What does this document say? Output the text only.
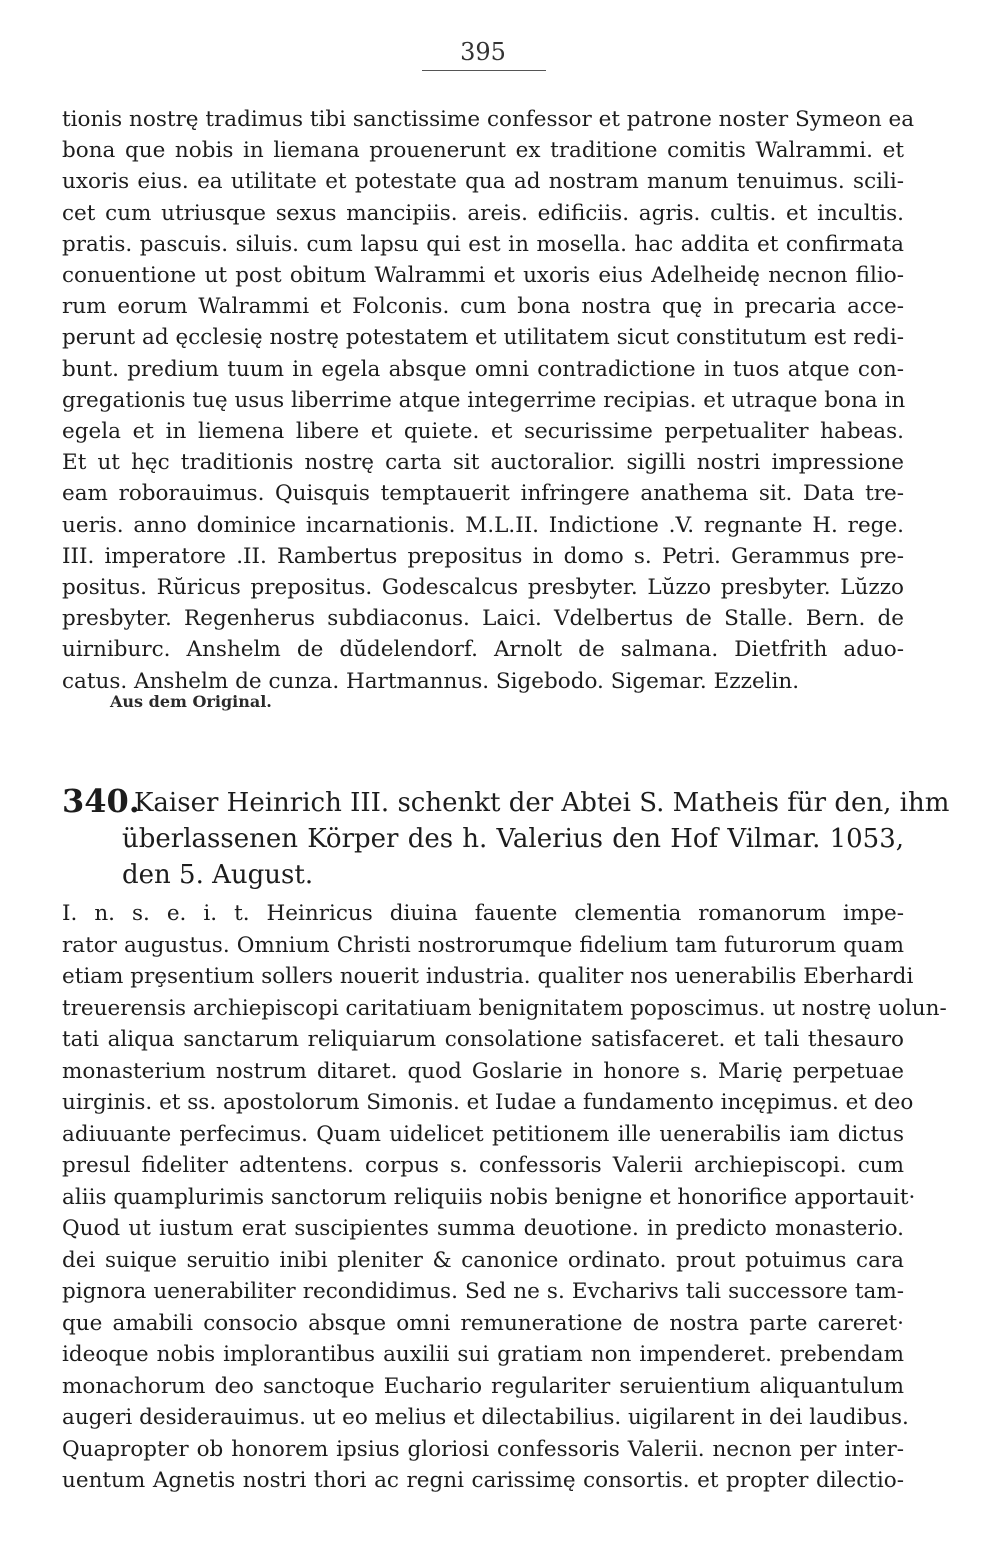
395
tionis nostrę tradimus tibi sanctissime confessor et patrone noster Symeon ea
bona que nobis in liemana prouenerunt ex traditione comitis Walrammi. et
uxoris eius. ea utilitate et potestate qua ad nostram manum tenuimus. scili-
cet cum utriusque sexus mancipiis. areis. edificiis. agris. cultis. et incultis.
pratis. pascuis. siluis. cum lapsu qui est in mosella. hac addita et confirmata
conuentione ut post obitum Walrammi et uxoris eius Adelheidę necnon filio-
rum eorum Walrammi et Folconis. cum bona nostra quę in precaria acce-
perunt ad ęcclesię nostrę potestatem et utilitatem sicut constitutum est redi-
bunt. predium tuum in egela absque omni contradictione in tuos atque con-
gregationis tuę usus liberrime atque integerrime recipias. et utraque bona in
egela et in liemena libere et quiete. et securissime perpetualiter habeas.
Et ut hęc traditionis nostrę carta sit auctoralior. sigilli nostri impressione
eam roborauimus. Quisquis temptauerit infringere anathema sit. Data tre-
ueris. anno dominice incarnationis. M.L.II. Indictione .V. regnante H. rege.
III. imperatore .II. Rambertus prepositus in domo s. Petri. Gerammus pre-
positus. Rŭricus prepositus. Godescalcus presbyter. Lŭzzo presbyter. Lŭzzo
presbyter. Regenherus subdiaconus. Laici. Vdelbertus de Stalle. Bern. de
uirniburc. Anshelm de dŭdelendorf. Arnolt de salmana. Dietfrith aduo-
catus. Anshelm de cunza. Hartmannus. Sigebodo. Sigemar. Ezzelin.
Aus dem Original.
340.
Kaiser Heinrich III. schenkt der Abtei S. Matheis für den, ihm
überlassenen Körper des h. Valerius den Hof Vilmar. 1053,
den 5. August.
I. n. s. e. i. t. Heinricus diuina fauente clementia romanorum impe-
rator augustus. Omnium Christi nostrorumque fidelium tam futurorum quam
etiam prȩsentium sollers nouerit industria. qualiter nos uenerabilis Eberhardi
treuerensis archiepiscopi caritatiuam benignitatem poposcimus. ut nostrę uolun-
tati aliqua sanctarum reliquiarum consolatione satisfaceret. et tali thesauro
monasterium nostrum ditaret. quod Goslarie in honore s. Marię perpetuae
uirginis. et ss. apostolorum Simonis. et Iudae a fundamento incępimus. et deo
adiuuante perfecimus. Quam uidelicet petitionem ille uenerabilis iam dictus
presul fideliter adtentens. corpus s. confessoris Valerii archiepiscopi. cum
aliis quamplurimis sanctorum reliquiis nobis benigne et honorifice apportauit·
Quod ut iustum erat suscipientes summa deuotione. in predicto monasterio.
dei suique seruitio inibi pleniter & canonice ordinato. prout potuimus cara
pignora uenerabiliter recondidimus. Sed ne s. Evcharivs tali successore tam-
que amabili consocio absque omni remuneratione de nostra parte careret·
ideoque nobis implorantibus auxilii sui gratiam non impenderet. prebendam
monachorum deo sanctoque Euchario regulariter seruientium aliquantulum
augeri desiderauimus. ut eo melius et dilectabilius. uigilarent in dei laudibus.
Quapropter ob honorem ipsius gloriosi confessoris Valerii. necnon per inter-
uentum Agnetis nostri thori ac regni carissimę consortis. et propter dilectio-
